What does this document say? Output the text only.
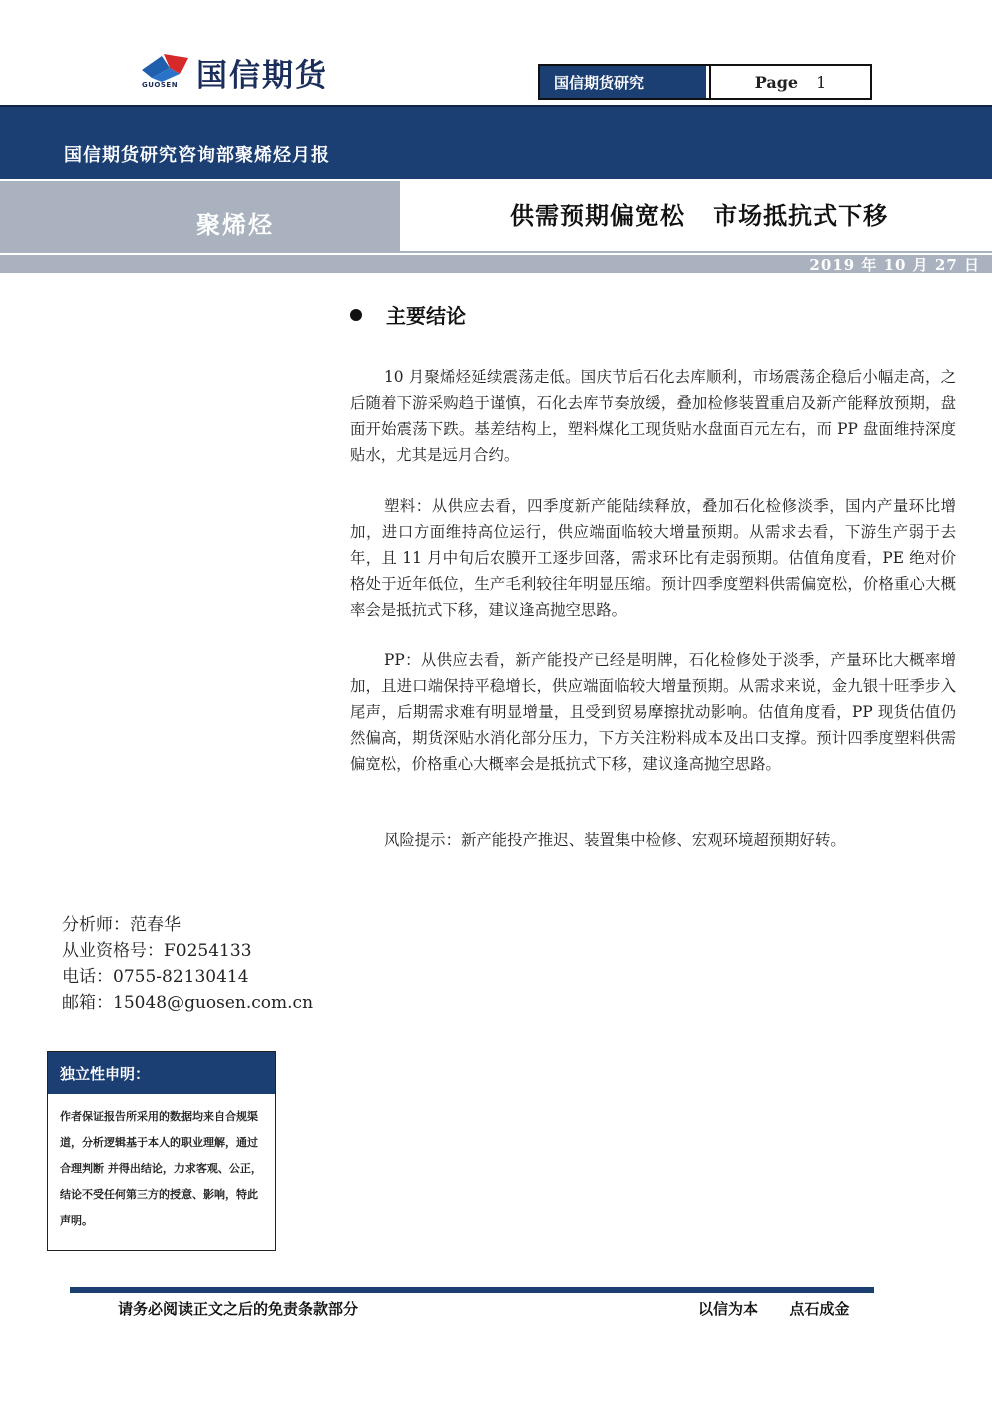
国信期货
GUOSEN	国信期货研究	Page 1
国信期货研究咨询部聚烯烃月报
聚烯烃	供需预期偏宽松   市场抵抗式下移
2019 年 10 月 27 日
主要结论

10 月聚烯烃延续震荡走低。国庆节后石化去库顺利，市场震荡企稳后小幅走高，之后随着下游采购趋于谨慎，石化去库节奏放缓，叠加检修装置重启及新产能释放预期，盘面开始震荡下跌。基差结构上，塑料煤化工现货贴水盘面百元左右，而 PP 盘面维持深度贴水，尤其是远月合约。

塑料：从供应去看，四季度新产能陆续释放，叠加石化检修淡季，国内产量环比增加，进口方面维持高位运行，供应端面临较大增量预期。从需求去看，下游生产弱于去年，且 11 月中旬后农膜开工逐步回落，需求环比有走弱预期。估值角度看，PE 绝对价格处于近年低位，生产毛利较往年明显压缩。预计四季度塑料供需偏宽松，价格重心大概率会是抵抗式下移，建议逢高抛空思路。

PP：从供应去看，新产能投产已经是明牌，石化检修处于淡季，产量环比大概率增加，且进口端保持平稳增长，供应端面临较大增量预期。从需求来说，金九银十旺季步入尾声，后期需求难有明显增量，且受到贸易摩擦扰动影响。估值角度看，PP 现货估值仍然偏高，期货深贴水消化部分压力，下方关注粉料成本及出口支撑。预计四季度塑料供需偏宽松，价格重心大概率会是抵抗式下移，建议逢高抛空思路。

风险提示：新产能投产推迟、装置集中检修、宏观环境超预期好转。

分析师：范春华
从业资格号：F0254133
电话：0755-82130414
邮箱：15048@guosen.com.cn
独立性申明：
作者保证报告所采用的数据均来自合规渠道，分析逻辑基于本人的职业理解，通过合理判断 并得出结论，力求客观、公正，结论不受任何第三方的授意、影响，特此声明。
请务必阅读正文之后的免责条款部分	以信为本      点石成金
